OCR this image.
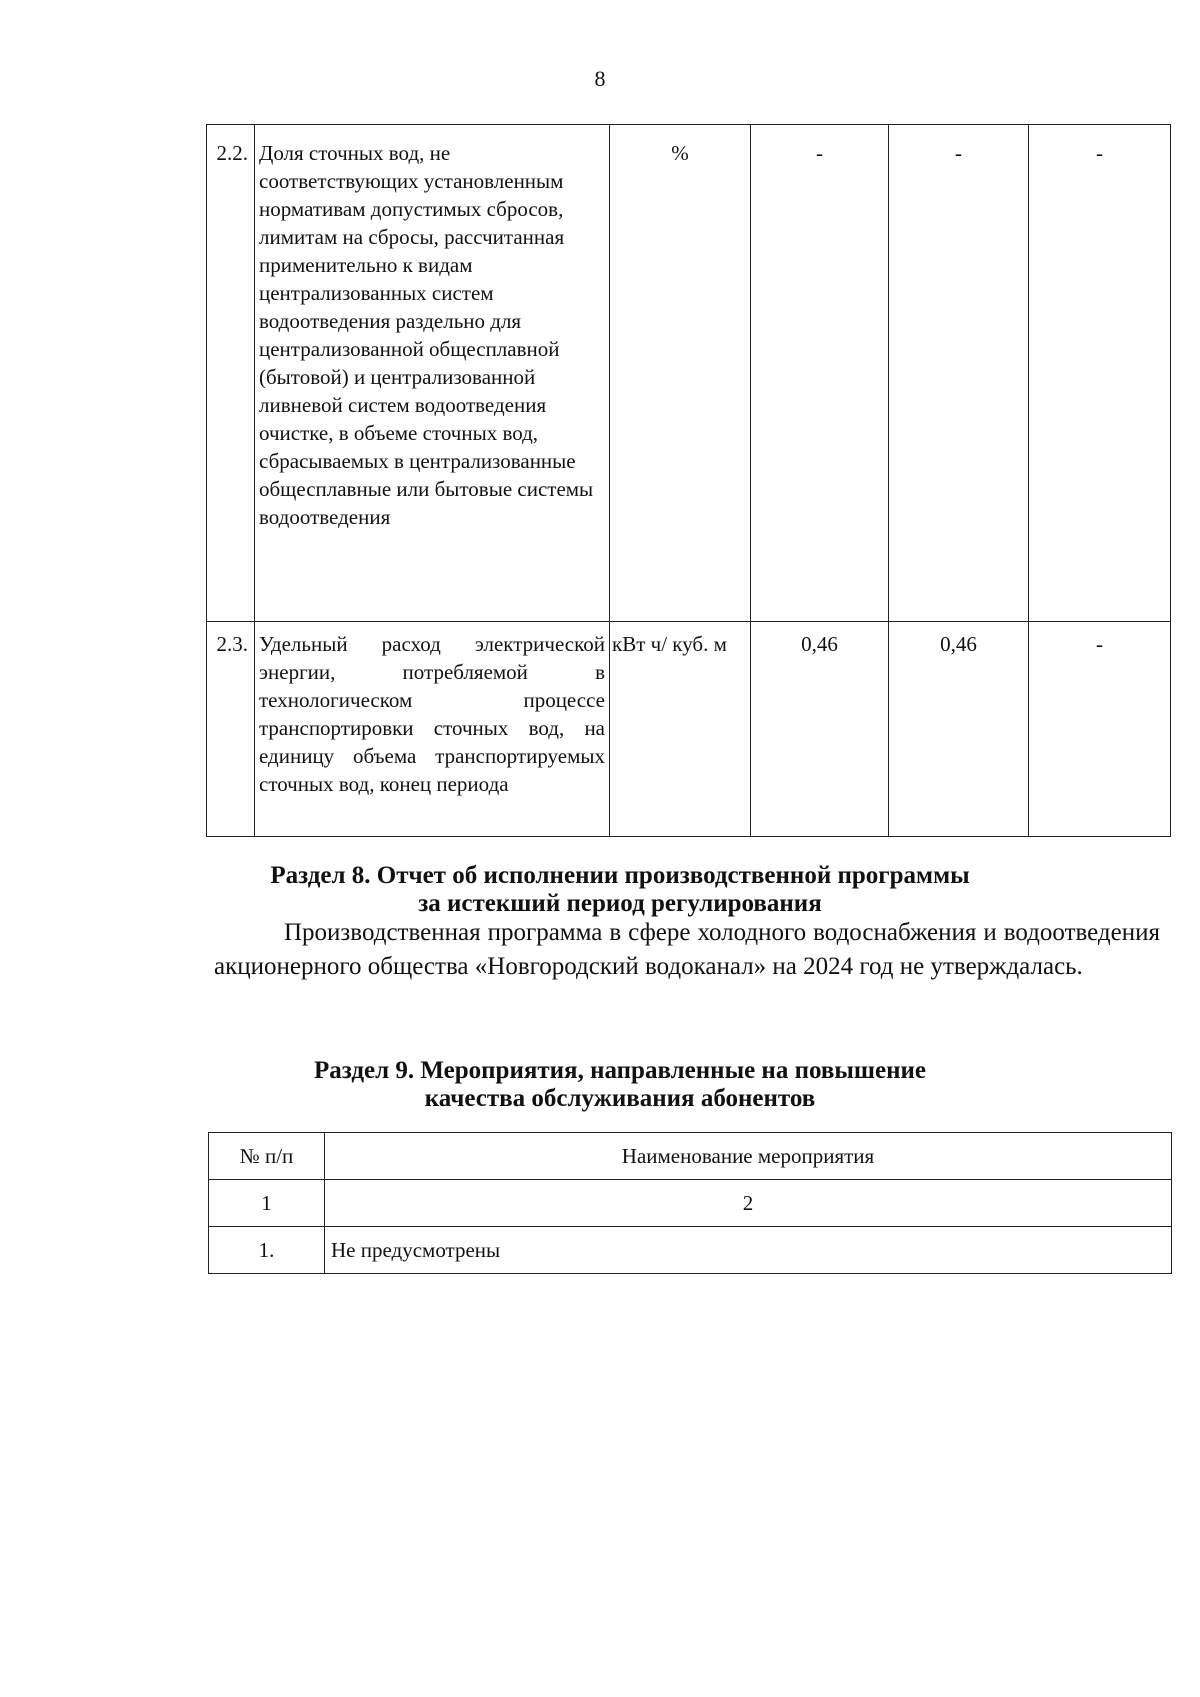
8
2.2.	Доля сточных вод, не соответствующих установленным нормативам допустимых сбросов, лимитам на сбросы, рассчитанная применительно к видам централизованных систем водоотведения раздельно для централизованной общесплавной (бытовой) и централизованной ливневой систем водоотведения очистке, в объеме сточных вод, сбрасываемых в централизованные общесплавные или бытовые системы водоотведения	%	-	-	-
2.3.	Удельный расход электрической энергии, потребляемой в технологическом процессе транспортировки сточных вод, на единицу объема транспортируемых сточных вод, конец периода	кВт ч/ куб. м	0,46	0,46	-
Раздел 8. Отчет об исполнении производственной программы
за истекший период регулирования
Производственная программа в сфере холодного водоснабжения и водоотведения акционерного общества «Новгородский водоканал» на 2024 год не утверждалась.
Раздел 9. Мероприятия, направленные на повышение
качества обслуживания абонентов
№ п/п	Наименование мероприятия
1	2
1.	Не предусмотрены
